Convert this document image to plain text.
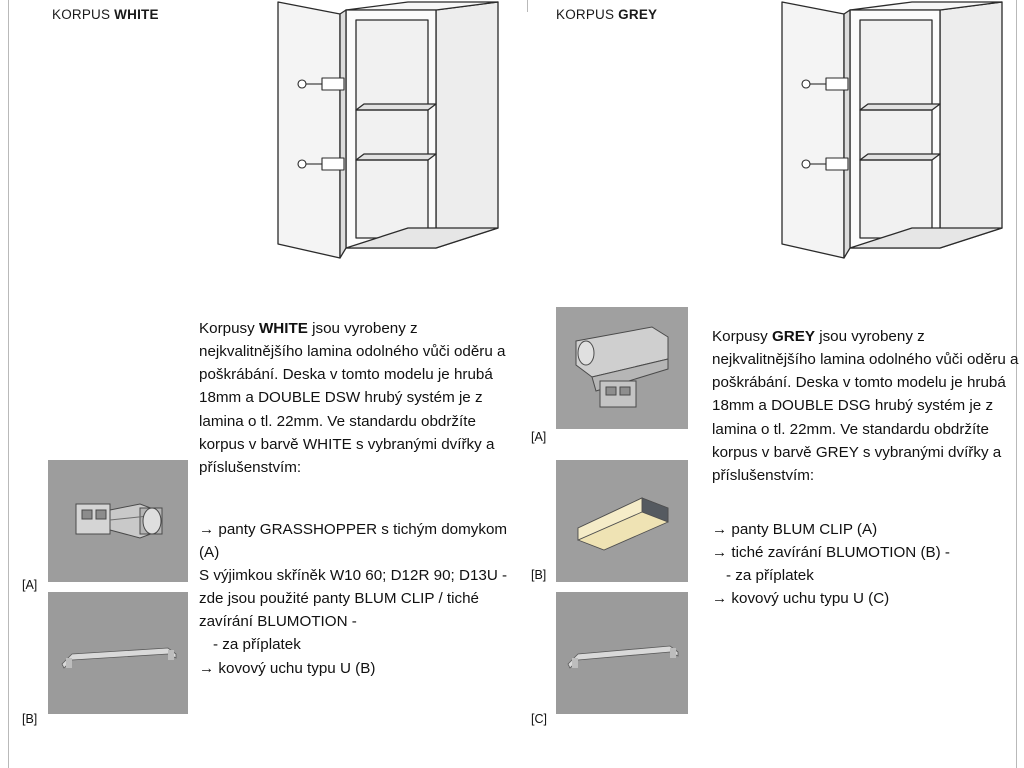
KORPUS WHITE

Korpusy WHITE jsou vyrobeny z nejkvalitnějšího lamina odolného vůči oděru a poškrábání. Deska v tomto modelu je hrubá 18mm a DOUBLE DSW hrubý systém je z lamina o tl. 22mm. Ve standardu obdržíte korpus v barvě WHITE s vybranými dvířky a příslušenstvím:

→ panty GRASSHOPPER s tichým domykom (A)
S výjimkou skříněk W10 60; D12R 90; D13U - zde jsou použité panty BLUM CLIP / tiché zavírání BLUMOTION -
- za příplatek
→ kovový uchu typu U (B)
[A]
[B]
KORPUS GREY

Korpusy GREY jsou vyrobeny z nejkvalitnějšího lamina odolného vůči oděru a poškrábání. Deska v tomto modelu je hrubá 18mm a DOUBLE DSG hrubý systém je z lamina o tl. 22mm. Ve standardu obdržíte korpus v barvě GREY s vybranými dvířky a příslušenstvím:

→ panty BLUM CLIP (A)
→ tiché zavírání BLUMOTION (B) -
- za příplatek
→ kovový uchu typu U (C)
[A]
[B]
[C]
